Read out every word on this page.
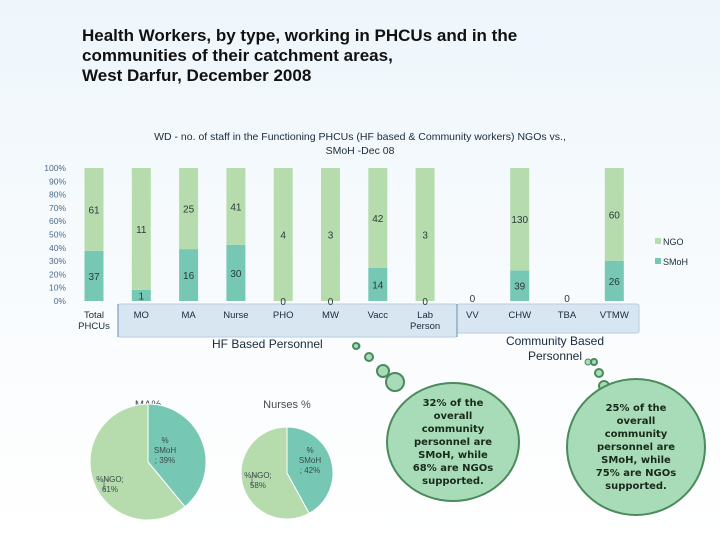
Health Workers, by type, working in PHCUs and in the
communities of their catchment areas,
West Darfur, December 2008
WD - no. of staff in the Functioning PHCUs (HF based & Community workers) NGOs vs.,
SMoH -Dec 08
0%
10%
20%
30%
40%
50%
60%
70%
80%
90%
100%
37
61
1
11
16
25
30
41
0
4
0
3
14
42
0
3
0
39
130
0
26
60
Total
PHCUs
MO	MA	Nurse	PHO	MW	Vacc	Lab
Person
VV	CHW	TBA VTMW
NGO
SMoH
%
SMoH
; 39%
%NGO;
61%
Nurses %
%
SMoH
; 42%
%NGO;
58%
HF Based Personnel	Community Based Personnel
32% of the overall community personnel are SMoH, while 68% are NGOs supported.
25% of the overall community personnel are SMoH, while 75% are NGOs supported.
